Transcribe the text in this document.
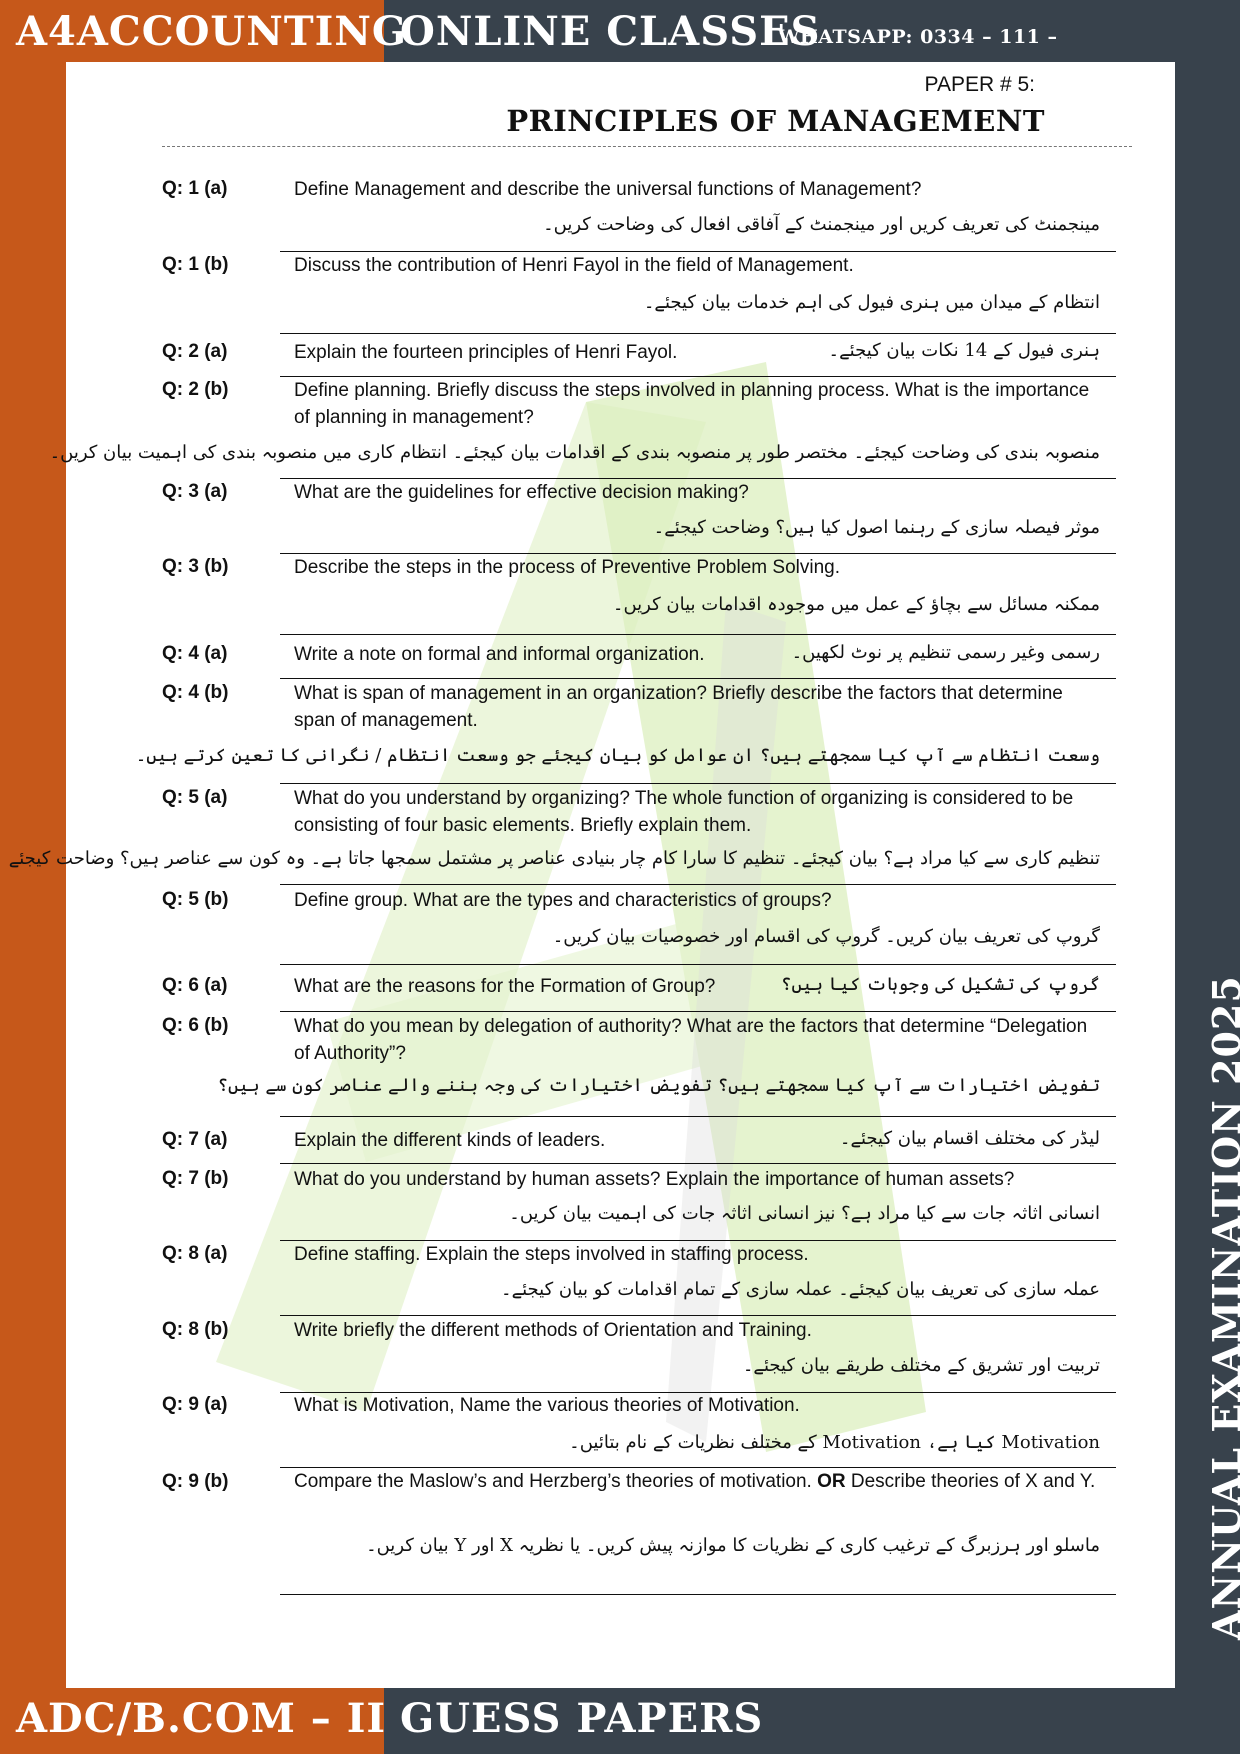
A4ACCOUNTING
ONLINE CLASSES
WHATSAPP: 0334 – 111 –
ADC/B.COM – II GUESS PAPERS
ANNUAL EXAMINATION 2025
PAPER # 5:
PRINCIPLES OF MANAGEMENT
Q: 1 (a)	Define Management and describe the universal functions of Management?
مینجمنٹ کی تعریف کریں اور مینجمنٹ کے آفاقی افعال کی وضاحت کریں۔
Q: 1 (b)	Discuss the contribution of Henri Fayol in the field of Management.
انتظام کے میدان میں ہنری فیول کی اہم خدمات بیان کیجئے۔
Q: 2 (a)	Explain the fourteen principles of Henri Fayol.	ہنری فیول کے 14 نکات بیان کیجئے۔
Q: 2 (b)	Define planning. Briefly discuss the steps involved in planning process. What is the importance of planning in management?
منصوبہ بندی کی وضاحت کیجئے۔ مختصر طور پر منصوبہ بندی کے اقدامات بیان کیجئے۔ انتظام کاری میں منصوبہ بندی کی اہمیت بیان کریں۔
Q: 3 (a)	What are the guidelines for effective decision making?
موثر فیصلہ سازی کے رہنما اصول کیا ہیں؟ وضاحت کیجئے۔
Q: 3 (b)	Describe the steps in the process of Preventive Problem Solving.
ممکنہ مسائل سے بچاؤ کے عمل میں موجودہ اقدامات بیان کریں۔
Q: 4 (a)	Write a note on formal and informal organization.	رسمی وغیر رسمی تنظیم پر نوٹ لکھیں۔
Q: 4 (b)	What is span of management in an organization? Briefly describe the factors that determine span of management.
وسعت انتظام سے آپ کیا سمجھتے ہیں؟ ان عوامل کو بیان کیجئے جو وسعت انتظام / نگرانی کا تعین کرتے ہیں۔
Q: 5 (a)	What do you understand by organizing? The whole function of organizing is considered to be consisting of four basic elements. Briefly explain them.
تنظیم کاری سے کیا مراد ہے؟ بیان کیجئے۔ تنظیم کا سارا کام چار بنیادی عناصر پر مشتمل سمجھا جاتا ہے۔ وہ کون سے عناصر ہیں؟ وضاحت کیجئے
Q: 5 (b)	Define group. What are the types and characteristics of groups?
گروپ کی تعریف بیان کریں۔ گروپ کی اقسام اور خصوصیات بیان کریں۔
Q: 6 (a)	What are the reasons for the Formation of Group?	گروپ کی تشکیل کی وجوہات کیا ہیں؟
Q: 6 (b)	What do you mean by delegation of authority? What are the factors that determine “Delegation of Authority”?
تفویض اختیارات سے آپ کیا سمجھتے ہیں؟ تفویض اختیارات کی وجہ بننے والے عناصر کون سے ہیں؟
Q: 7 (a)	Explain the different kinds of leaders.	لیڈر کی مختلف اقسام بیان کیجئے۔
Q: 7 (b)	What do you understand by human assets? Explain the importance of human assets?
انسانی اثاثہ جات سے کیا مراد ہے؟ نیز انسانی اثاثہ جات کی اہمیت بیان کریں۔
Q: 8 (a)	Define staffing. Explain the steps involved in staffing process.
عملہ سازی کی تعریف بیان کیجئے۔ عملہ سازی کے تمام اقدامات کو بیان کیجئے۔
Q: 8 (b)	Write briefly the different methods of Orientation and Training.
تربیت اور تشریق کے مختلف طریقے بیان کیجئے۔
Q: 9 (a)	What is Motivation, Name the various theories of Motivation.
Motivation کیا ہے، Motivation کے مختلف نظریات کے نام بتائیں۔
Q: 9 (b)	Compare the Maslow’s and Herzberg’s theories of motivation. OR Describe theories of X and Y.
ماسلو اور ہرزبرگ کے ترغیب کاری کے نظریات کا موازنہ پیش کریں۔ یا نظریہ X اور Y بیان کریں۔
